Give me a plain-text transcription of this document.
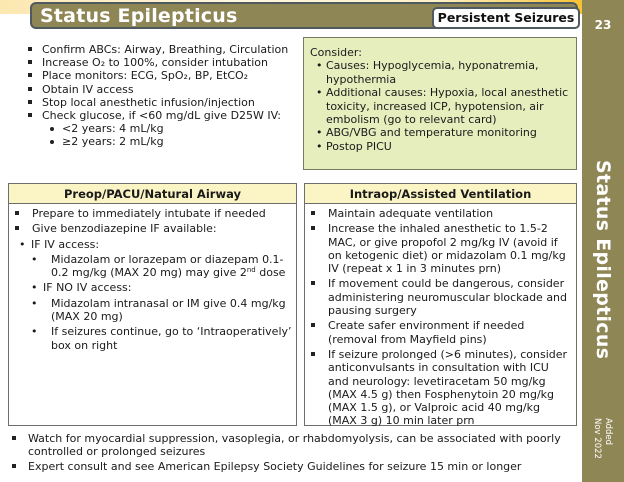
Status Epilepticus	Persistent Seizures	23
Status Epilepticus
Added
Nov 2022
Confirm ABCs: Airway, Breathing, Circulation
Increase O₂ to 100%, consider intubation
Place monitors: ECG, SpO₂, BP, EtCO₂
Obtain IV access
Stop local anesthetic infusion/injection
Check glucose, if <60 mg/dL give D25W IV:
<2 years: 4 mL/kg
≥2 years: 2 mL/kg
Consider:
• Causes: Hypoglycemia, hyponatremia, hypothermia
• Additional causes: Hypoxia, local anesthetic toxicity, increased ICP, hypotension, air embolism (go to relevant card)
• ABG/VBG and temperature monitoring
• Postop PICU
Preop/PACU/Natural Airway
Prepare to immediately intubate if needed
Give benzodiazepine IF available:
• IF IV access:
• Midazolam or lorazepam or diazepam 0.1-0.2 mg/kg (MAX 20 mg) may give 2nd dose
• IF NO IV access:
• Midazolam intranasal or IM give 0.4 mg/kg (MAX 20 mg)
• If seizures continue, go to ‘Intraoperatively’ box on right
Intraop/Assisted Ventilation
Maintain adequate ventilation
Increase the inhaled anesthetic to 1.5-2 MAC, or give propofol 2 mg/kg IV (avoid if on ketogenic diet) or midazolam 0.1 mg/kg IV (repeat x 1 in 3 minutes prn)
If movement could be dangerous, consider administering neuromuscular blockade and pausing surgery
Create safer environment if needed (removal from Mayfield pins)
If seizure prolonged (>6 minutes), consider anticonvulsants in consultation with ICU and neurology: levetiracetam 50 mg/kg (MAX 4.5 g) then Fosphenytoin 20 mg/kg (MAX 1.5 g), or Valproic acid 40 mg/kg (MAX 3 g) 10 min later prn
Watch for myocardial suppression, vasoplegia, or rhabdomyolysis, can be associated with poorly controlled or prolonged seizures
Expert consult and see American Epilepsy Society Guidelines for seizure 15 min or longer
